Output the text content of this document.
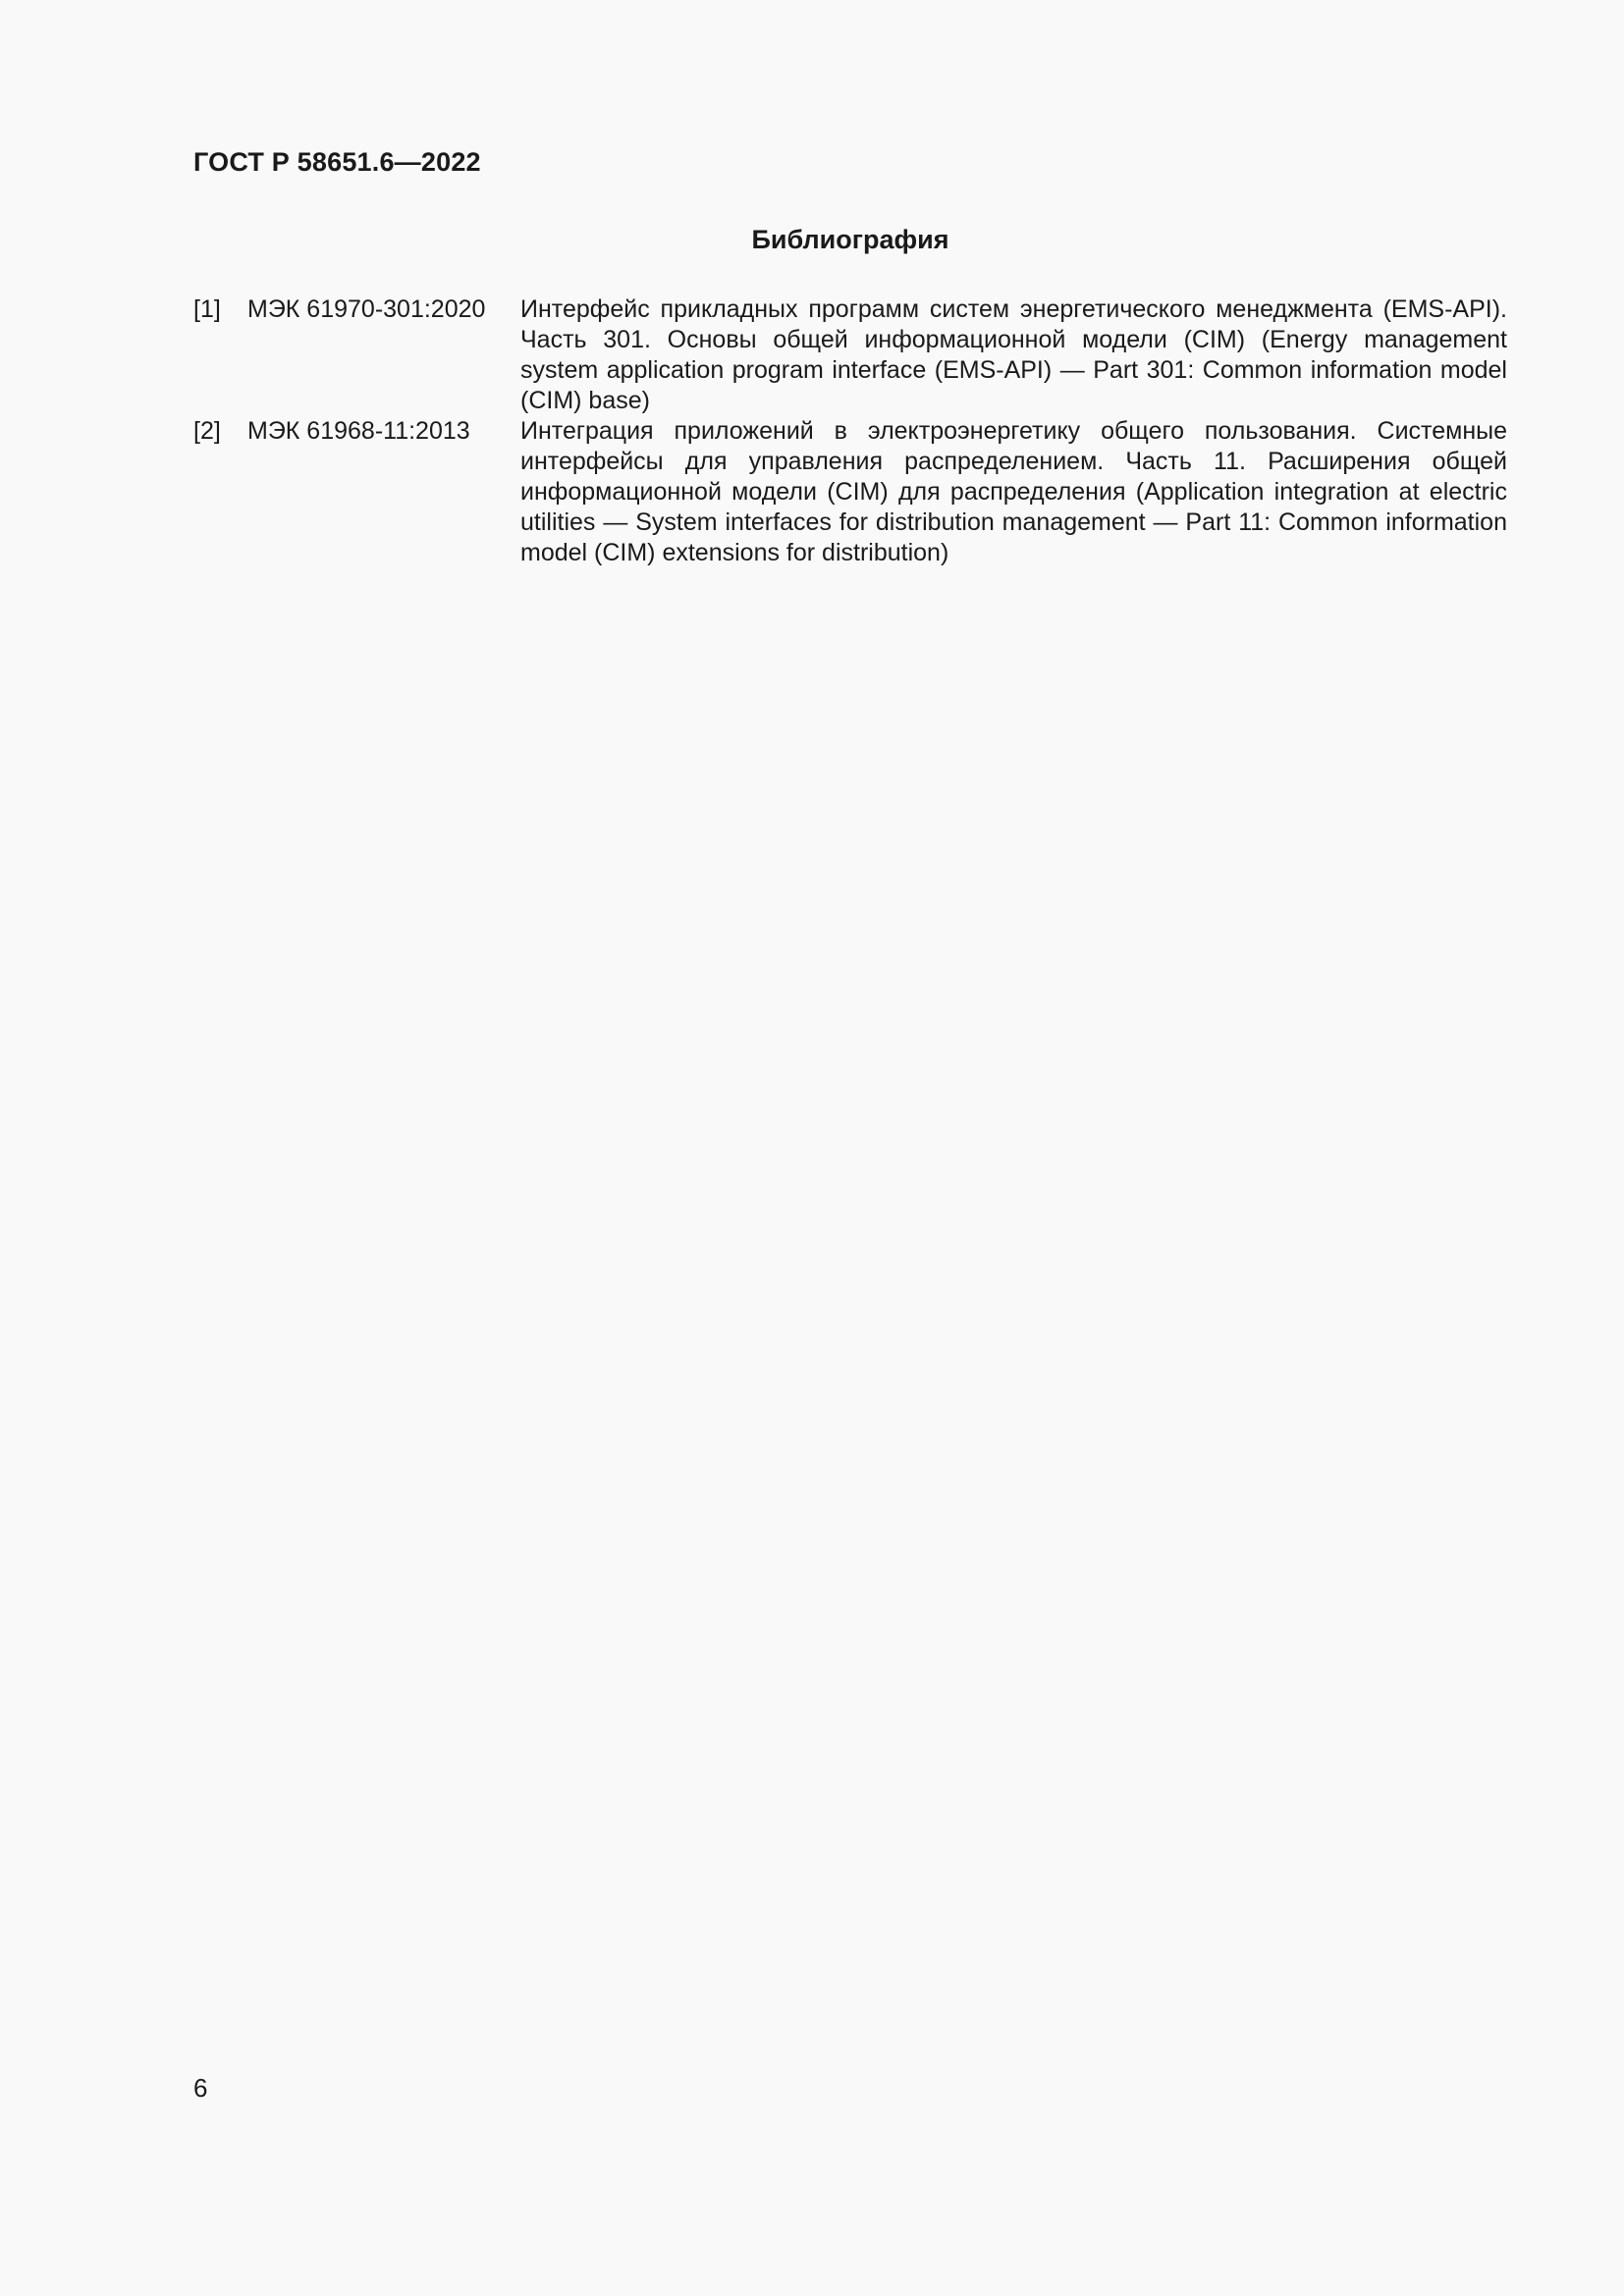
ГОСТ Р 58651.6—2022
Библиография
[1] МЭК 61970-301:2020 Интерфейс прикладных программ систем энергетического менеджмента (EMS-API). Часть 301. Основы общей информационной модели (CIM) (Energy management system application program interface (EMS-API) — Part 301: Common information model (CIM) base)
[2] МЭК 61968-11:2013 Интеграция приложений в электроэнергетику общего пользования. Системные интерфейсы для управления распределением. Часть 11. Расширения общей информационной модели (CIM) для распределения (Application integration at electric utilities — System interfaces for distribution management — Part 11: Common information model (CIM) extensions for distribution)
6
